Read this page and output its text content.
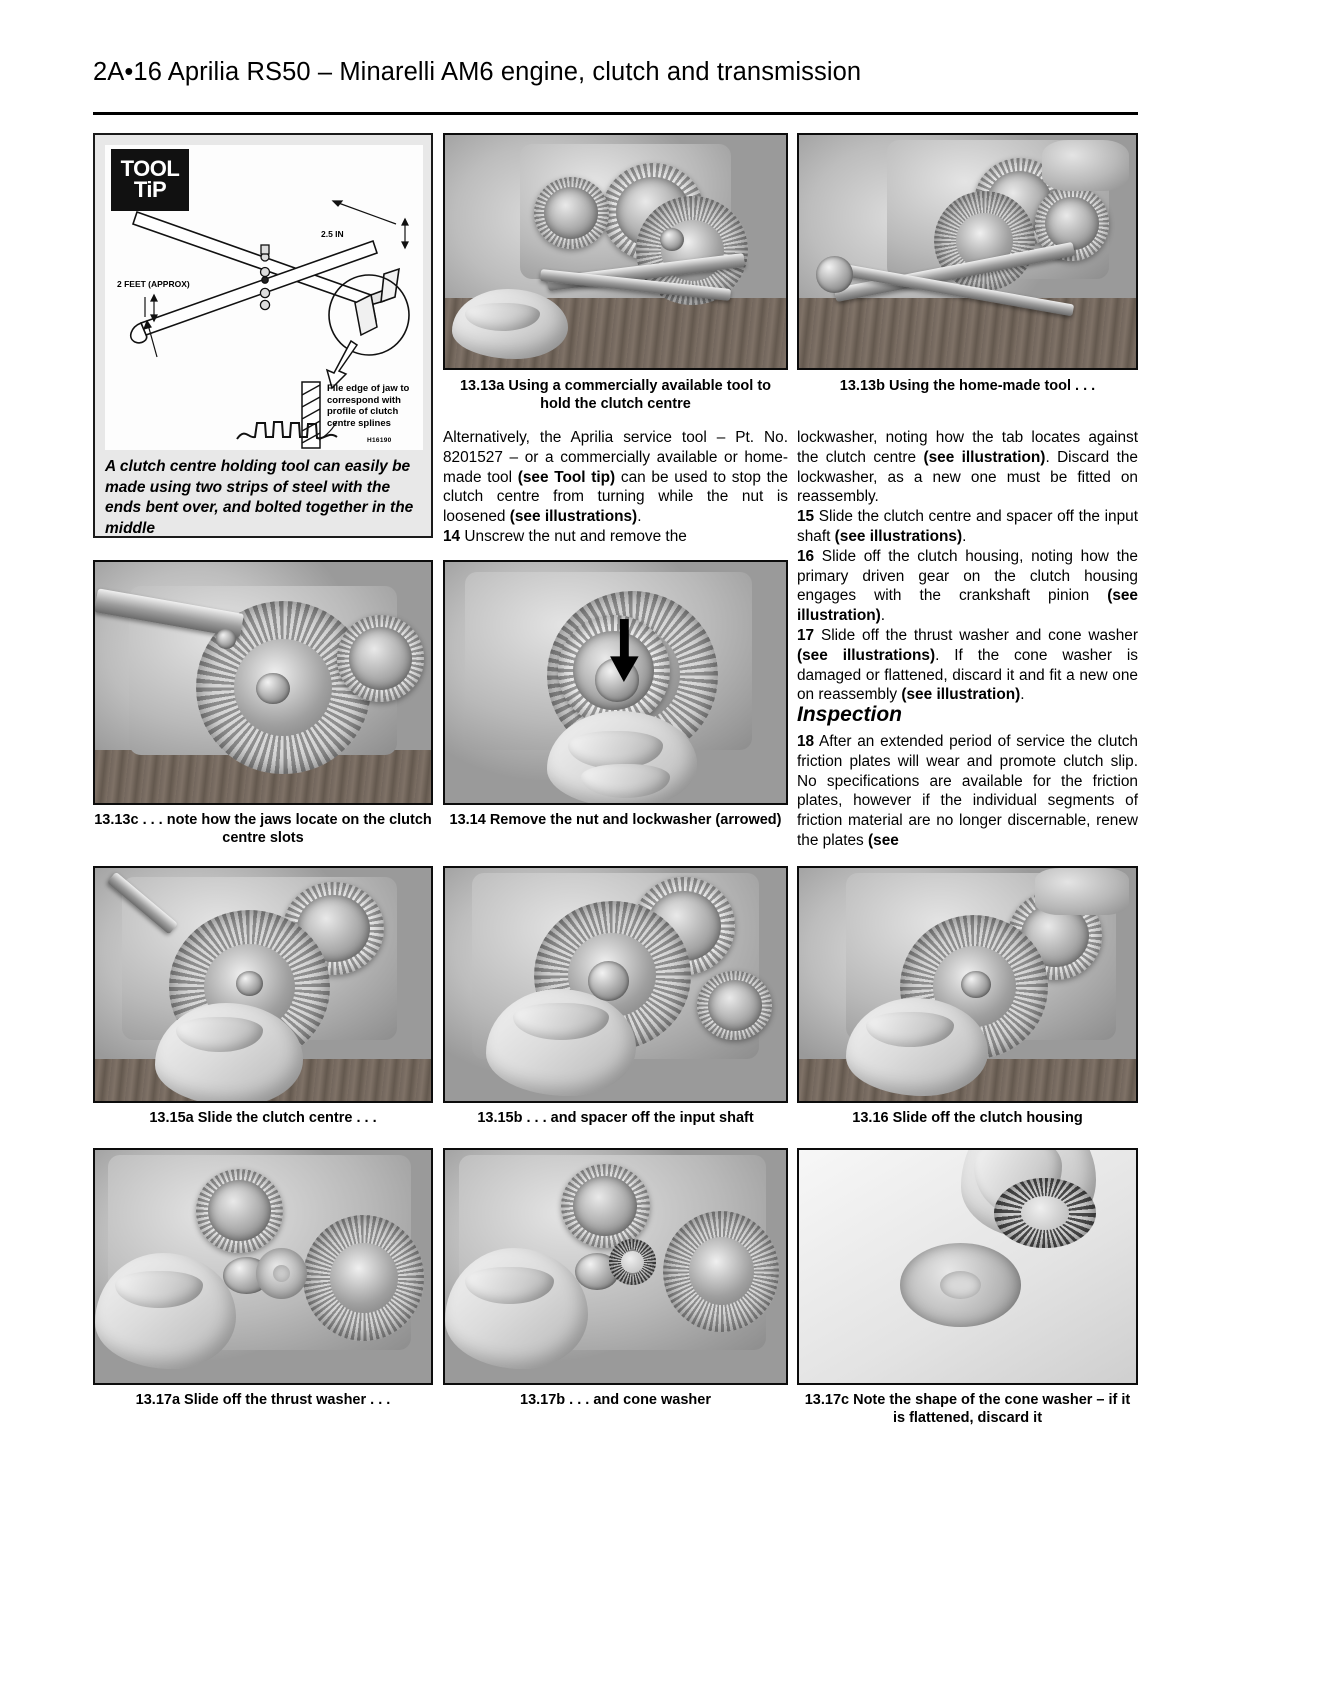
2A•16 Aprilia RS50 – Minarelli AM6 engine, clutch and transmission
TOOL
TiP
2.5 IN
2 FEET (APPROX)
File edge of jaw to correspond with profile of clutch centre splines
H16190
A clutch centre holding tool can easily be made using two strips of steel with the ends bent over, and bolted together in the middle
13.13a Using a commercially available tool to hold the clutch centre
13.13b Using the home-made tool . . .

Alternatively, the Aprilia service tool – Pt. No. 8201527 – or a commercially available or home-made tool (see Tool tip) can be used to stop the clutch centre from turning while the nut is loosened (see illustrations).

14 Unscrew the nut and remove the

lockwasher, noting how the tab locates against the clutch centre (see illustration). Discard the lockwasher, as a new one must be fitted on reassembly.

15 Slide the clutch centre and spacer off the input shaft (see illustrations).

16 Slide off the clutch housing, noting how the primary driven gear on the clutch housing engages with the crankshaft pinion (see illustration).

17 Slide off the thrust washer and cone washer (see illustrations). If the cone washer is damaged or flattened, discard it and fit a new one on reassembly (see illustration).

Inspection

18 After an extended period of service the clutch friction plates will wear and promote clutch slip. No specifications are available for the friction plates, however if the individual segments of friction material are no longer discernable, renew the plates (see

13.13c . . . note how the jaws locate on the clutch centre slots
13.14 Remove the nut and lockwasher (arrowed)
13.15a Slide the clutch centre . . .	13.15b . . . and spacer off the input shaft	13.16 Slide off the clutch housing
13.17a Slide off the thrust washer . . .	13.17b . . . and cone washer	13.17c Note the shape of the cone washer – if it is flattened, discard it
